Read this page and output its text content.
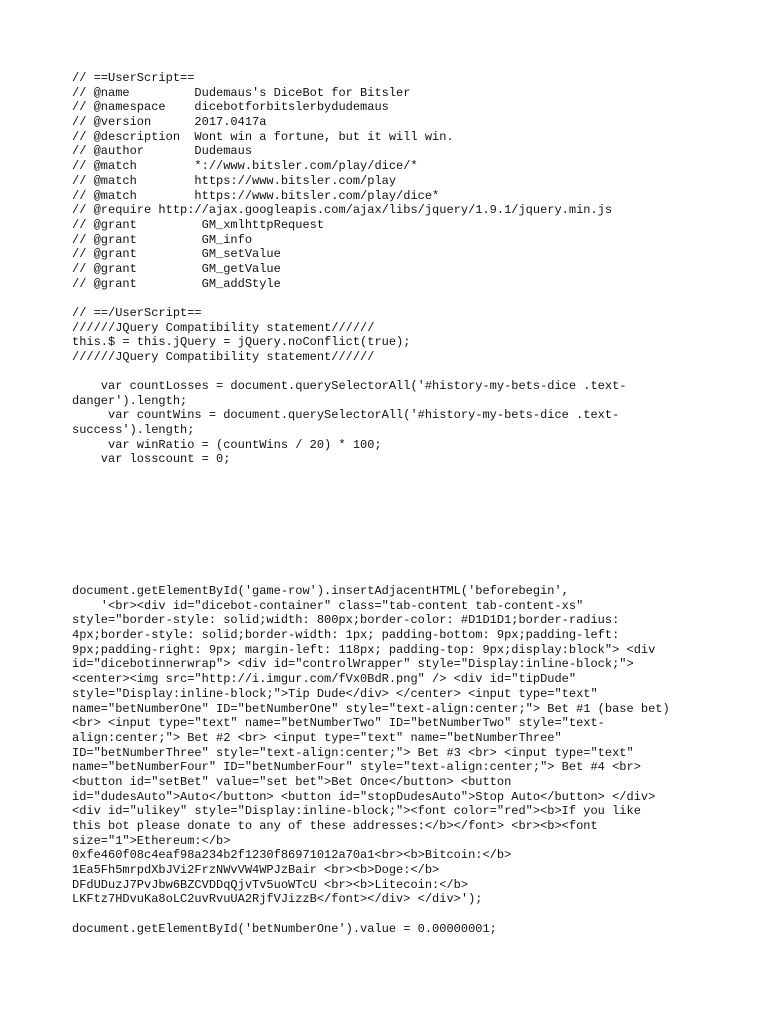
// ==UserScript==
// @name         Dudemaus's DiceBot for Bitsler
// @namespace    dicebotforbitslerbydudemaus
// @version      2017.0417a
// @description  Wont win a fortune, but it will win.
// @author       Dudemaus
// @match        *://www.bitsler.com/play/dice/*
// @match        https://www.bitsler.com/play
// @match        https://www.bitsler.com/play/dice*
// @require http://ajax.googleapis.com/ajax/libs/jquery/1.9.1/jquery.min.js
// @grant         GM_xmlhttpRequest
// @grant         GM_info
// @grant         GM_setValue
// @grant         GM_getValue
// @grant         GM_addStyle
// ==/UserScript==
//////JQuery Compatibility statement//////
this.$ = this.jQuery = jQuery.noConflict(true);
//////JQuery Compatibility statement//////
var countLosses = document.querySelectorAll('#history-my-bets-dice .text-
danger').length;
var countWins = document.querySelectorAll('#history-my-bets-dice .text-
success').length;
var winRatio = (countWins / 20) * 100;
var losscount = 0;
document.getElementById('game-row').insertAdjacentHTML('beforebegin',
'<br><div id="dicebot-container" class="tab-content tab-content-xs"
style="border-style: solid;width: 800px;border-color: #D1D1D1;border-radius:
4px;border-style: solid;border-width: 1px; padding-bottom: 9px;padding-left:
9px;padding-right: 9px; margin-left: 118px; padding-top: 9px;display:block"> <div
id="dicebotinnerwrap"> <div id="controlWrapper" style="Display:inline-block;">
<center><img src="http://i.imgur.com/fVx0BdR.png" /> <div id="tipDude"
style="Display:inline-block;">Tip Dude</div> </center> <input type="text"
name="betNumberOne" ID="betNumberOne" style="text-align:center;"> Bet #1 (base bet)
<br> <input type="text" name="betNumberTwo" ID="betNumberTwo" style="text-
align:center;"> Bet #2 <br> <input type="text" name="betNumberThree"
ID="betNumberThree" style="text-align:center;"> Bet #3 <br> <input type="text"
name="betNumberFour" ID="betNumberFour" style="text-align:center;"> Bet #4 <br>
<button id="setBet" value="set bet">Bet Once</button> <button
id="dudesAuto">Auto</button> <button id="stopDudesAuto">Stop Auto</button> </div>
<div id="ulikey" style="Display:inline-block;"><font color="red"><b>If you like
this bot please donate to any of these addresses:</b></font> <br><b><font
size="1">Ethereum:</b>
0xfe460f08c4eaf98a234b2f1230f86971012a70a1<br><b>Bitcoin:</b>
1Ea5Fh5mrpdXbJVi2FrzNWvVW4WPJzBair <br><b>Doge:</b>
DFdUDuzJ7PvJbw6BZCVDDqQjvTv5uoWTcU <br><b>Litecoin:</b>
LKFtz7HDvuKa8oLC2uvRvuUA2RjfVJizzB</font></div> </div>');
document.getElementById('betNumberOne').value = 0.00000001;
